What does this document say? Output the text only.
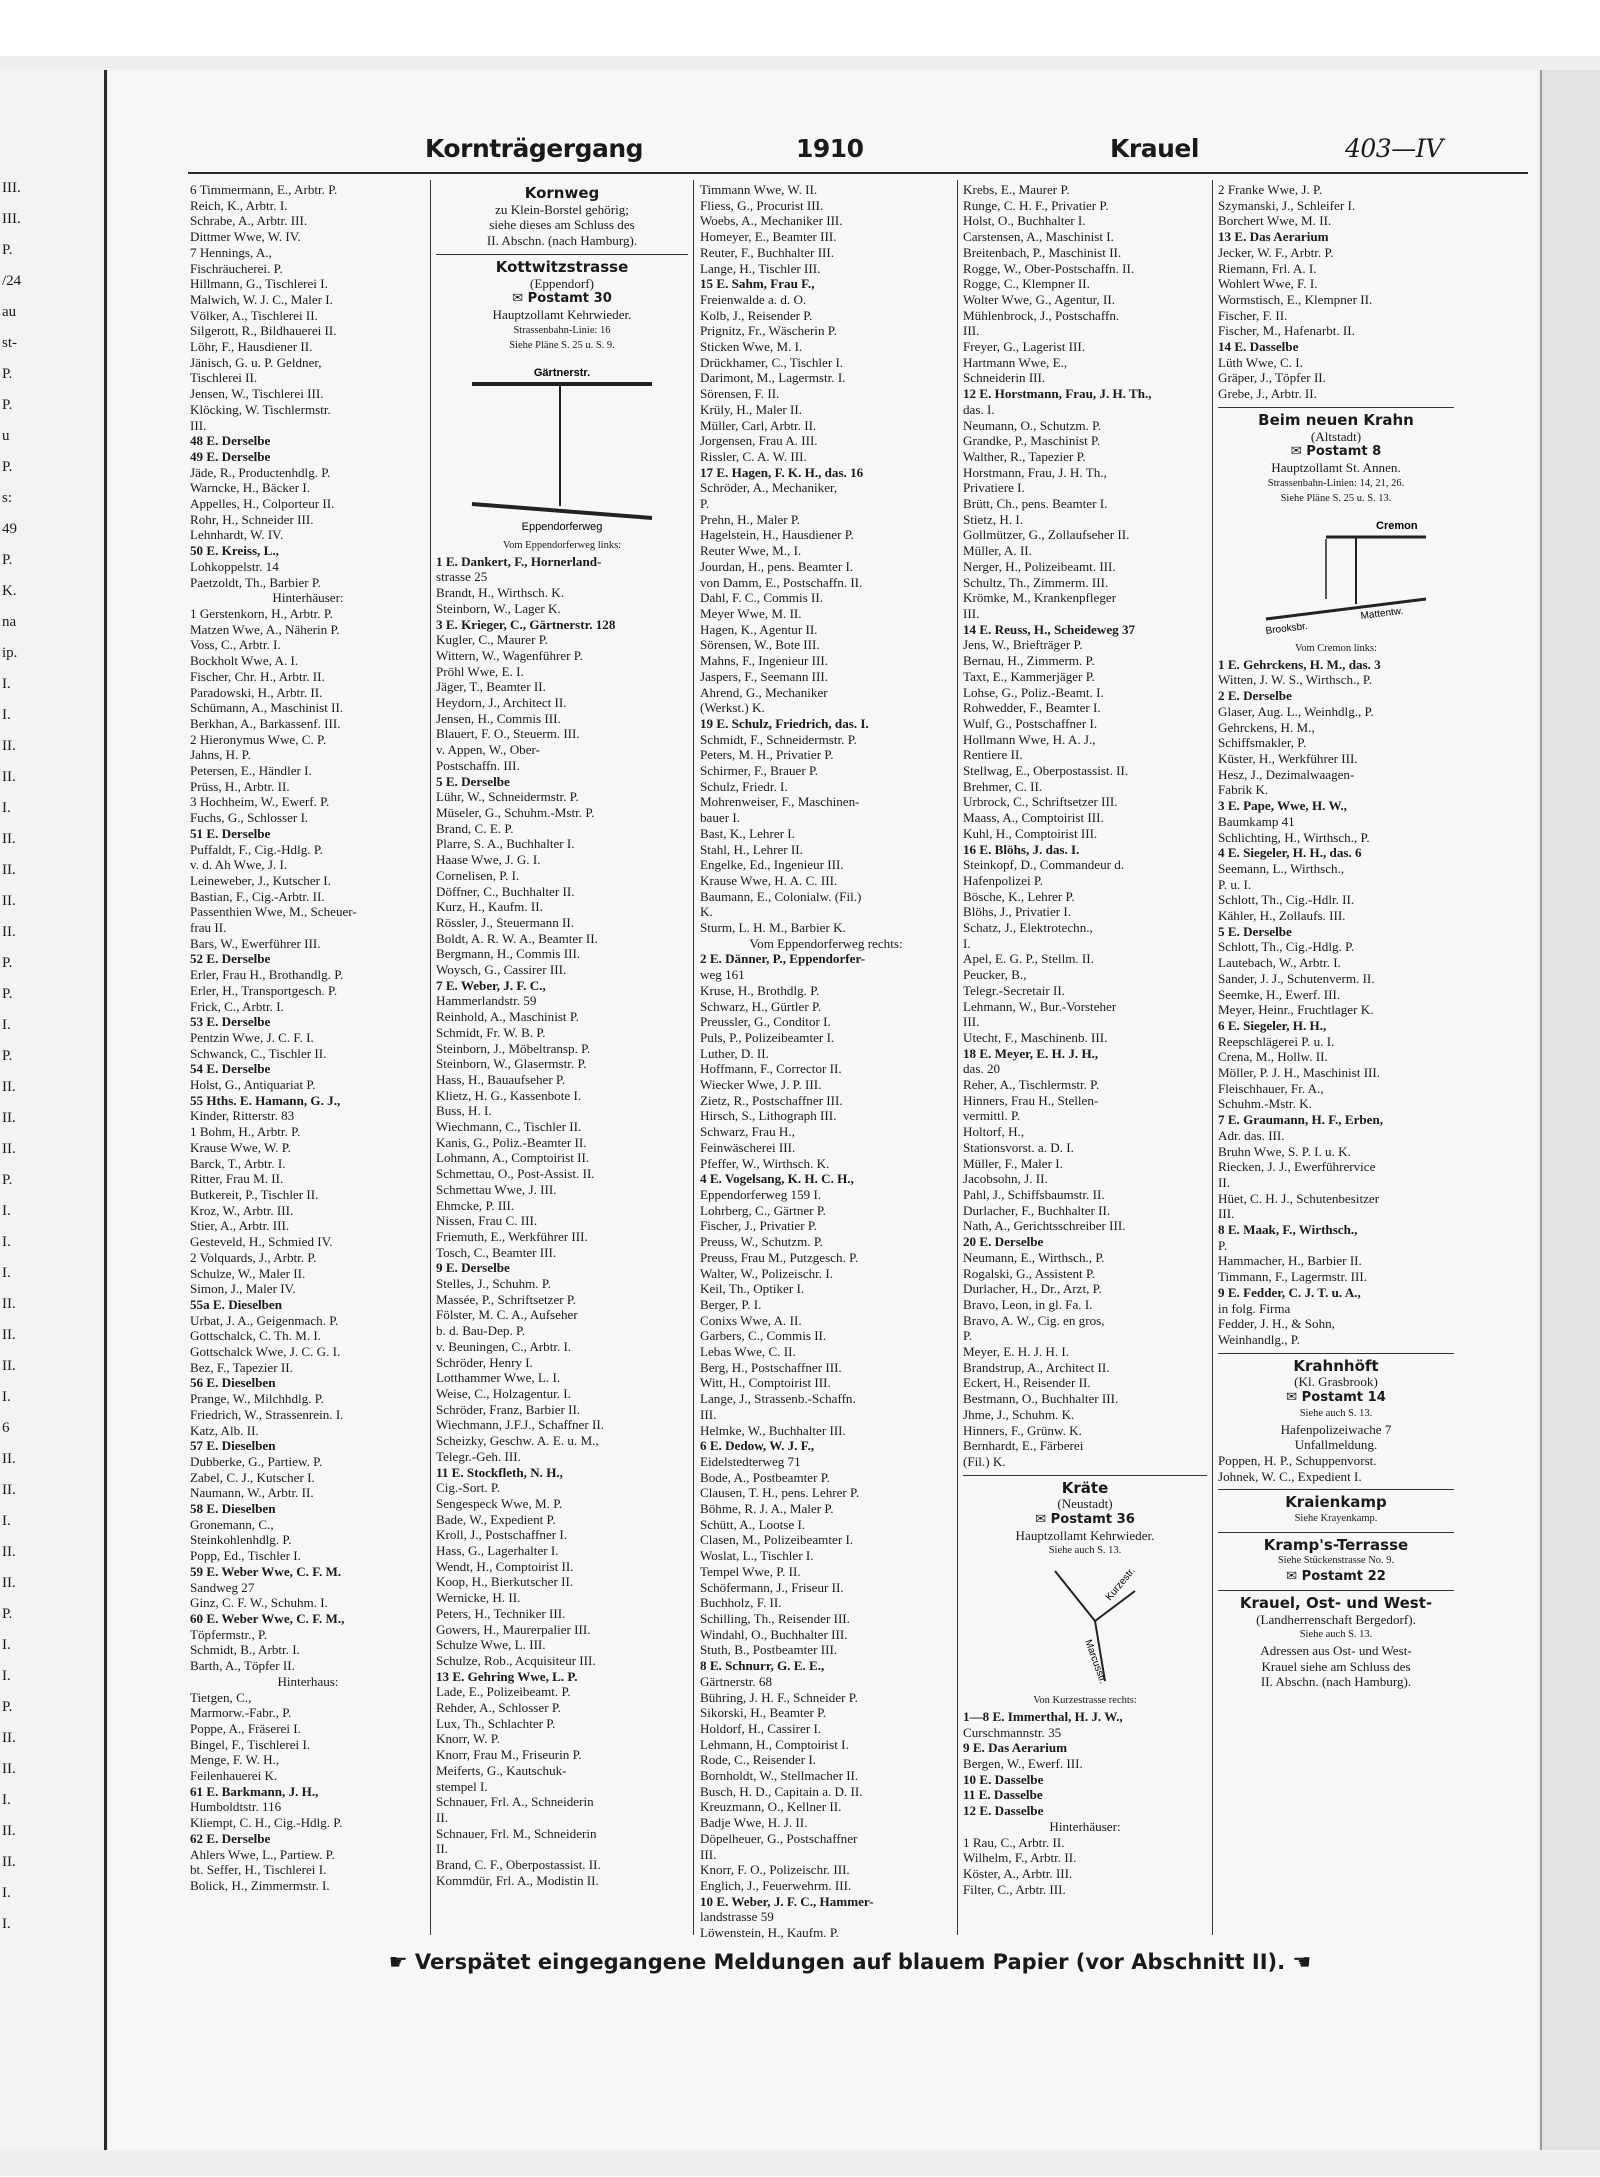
III.
III.
P.
/24
au
st-
P.
P.
u
P.
s:
49
P.
K.
na
ip.
I.
I.
II.
II.
I.
II.
II.
II.
II.
P.
P.
I.
P.
II.
II.
II.
P.
I.
I.
I.
II.
II.
II.
I.
6
II.
II.
I.
II.
II.
P.
I.
I.
P.
II.
II.
I.
II.
II.
I.
I.
Kornträgergang	1910	Krauel	403—IV
6 Timmermann, E., Arbtr. P.
Reich, K., Arbtr. I.
Schrabe, A., Arbtr. III.
Dittmer Wwe, W. IV.
7 Hennings, A.,
Fischräucherei. P.
Hillmann, G., Tischlerei I.
Malwich, W. J. C., Maler I.
Völker, A., Tischlerei II.
Silgerott, R., Bildhauerei II.
Löhr, F., Hausdiener II.
Jänisch, G. u. P. Geldner,
Tischlerei II.
Jensen, W., Tischlerei III.
Klöcking, W. Tischlermstr.
III.
48 E. Derselbe
49 E. Derselbe
Jäde, R., Productenhdlg. P.
Warncke, H., Bäcker I.
Appelles, H., Colporteur II.
Rohr, H., Schneider III.
Lehnhardt, W. IV.
50 E. Kreiss, L.,
Lohkoppelstr. 14
Paetzoldt, Th., Barbier P.
Hinterhäuser:
1 Gerstenkorn, H., Arbtr. P.
Matzen Wwe, A., Näherin P.
Voss, C., Arbtr. I.
Bockholt Wwe, A. I.
Fischer, Chr. H., Arbtr. II.
Paradowski, H., Arbtr. II.
Schümann, A., Maschinist II.
Berkhan, A., Barkassenf. III.
2 Hieronymus Wwe, C. P.
Jahns, H. P.
Petersen, E., Händler I.
Prüss, H., Arbtr. II.
3 Hochheim, W., Ewerf. P.
Fuchs, G., Schlosser I.
51 E. Derselbe
Puffaldt, F., Cig.-Hdlg. P.
v. d. Ah Wwe, J. I.
Leineweber, J., Kutscher I.
Bastian, F., Cig.-Arbtr. II.
Passenthien Wwe, M., Scheuer-
frau II.
Bars, W., Ewerführer III.
52 E. Derselbe
Erler, Frau H., Brothandlg. P.
Erler, H., Transportgesch. P.
Frick, C., Arbtr. I.
53 E. Derselbe
Pentzin Wwe, J. C. F. I.
Schwanck, C., Tischler II.
54 E. Derselbe
Holst, G., Antiquariat P.
55 Hths. E. Hamann, G. J.,
Kinder, Ritterstr. 83
1 Bohm, H., Arbtr. P.
Krause Wwe, W. P.
Barck, T., Arbtr. I.
Ritter, Frau M. II.
Butkereit, P., Tischler II.
Kroz, W., Arbtr. III.
Stier, A., Arbtr. III.
Gesteveld, H., Schmied IV.
2 Volquards, J., Arbtr. P.
Schulze, W., Maler II.
Simon, J., Maler IV.
55a E. Dieselben
Urbat, J. A., Geigenmach. P.
Gottschalck, C. Th. M. I.
Gottschalck Wwe, J. C. G. I.
Bez, F., Tapezier II.
56 E. Dieselben
Prange, W., Milchhdlg. P.
Friedrich, W., Strassenrein. I.
Katz, Alb. II.
57 E. Dieselben
Dubberke, G., Partiew. P.
Zabel, C. J., Kutscher I.
Naumann, W., Arbtr. II.
58 E. Dieselben
Gronemann, C.,
Steinkohlenhdlg. P.
Popp, Ed., Tischler I.
59 E. Weber Wwe, C. F. M.
Sandweg 27
Ginz, C. F. W., Schuhm. I.
60 E. Weber Wwe, C. F. M.,
Töpfermstr., P.
Schmidt, B., Arbtr. I.
Barth, A., Töpfer II.
Hinterhaus:
Tietgen, C.,
Marmorw.-Fabr., P.
Poppe, A., Fräserei I.
Bingel, F., Tischlerei I.
Menge, F. W. H.,
Feilenhauerei K.
61 E. Barkmann, J. H.,
Humboldtstr. 116
Kliempt, C. H., Cig.-Hdlg. P.
62 E. Derselbe
Ahlers Wwe, L., Partiew. P.
bt. Seffer, H., Tischlerei I.
Bolick, H., Zimmermstr. I.
Kornweg
zu Klein-Borstel gehörig;
siehe dieses am Schluss des
II. Abschn. (nach Hamburg).
Kottwitzstrasse
(Eppendorf)
✉ Postamt 30
Hauptzollamt Kehrwieder.
Strassenbahn-Linie: 16
Siehe Pläne S. 25 u. S. 9.
Gärtnerstr.
Eppendorferweg
Vom Eppendorferweg links:
1 E. Dankert, F., Hornerland-
strasse 25
Brandt, H., Wirthsch. K.
Steinborn, W., Lager K.
3 E. Krieger, C., Gärtnerstr. 128
Kugler, C., Maurer P.
Wittern, W., Wagenführer P.
Pröhl Wwe, E. I.
Jäger, T., Beamter II.
Heydorn, J., Architect II.
Jensen, H., Commis III.
Blauert, F. O., Steuerm. III.
v. Appen, W., Ober-
Postschaffn. III.
5 E. Derselbe
Lühr, W., Schneidermstr. P.
Müseler, G., Schuhm.-Mstr. P.
Brand, C. E. P.
Plarre, S. A., Buchhalter I.
Haase Wwe, J. G. I.
Cornelisen, P. I.
Döffner, C., Buchhalter II.
Kurz, H., Kaufm. II.
Rössler, J., Steuermann II.
Boldt, A. R. W. A., Beamter II.
Bergmann, H., Commis III.
Woysch, G., Cassirer III.
7 E. Weber, J. F. C.,
Hammerlandstr. 59
Reinhold, A., Maschinist P.
Schmidt, Fr. W. B. P.
Steinborn, J., Möbeltransp. P.
Steinborn, W., Glasermstr. P.
Hass, H., Bauaufseher P.
Klietz, H. G., Kassenbote I.
Buss, H. I.
Wiechmann, C., Tischler II.
Kanis, G., Poliz.-Beamter II.
Lohmann, A., Comptoirist II.
Schmettau, O., Post-Assist. II.
Schmettau Wwe, J. III.
Ehmcke, P. III.
Nissen, Frau C. III.
Friemuth, E., Werkführer III.
Tosch, C., Beamter III.
9 E. Derselbe
Stelles, J., Schuhm. P.
Massée, P., Schriftsetzer P.
Fölster, M. C. A., Aufseher
b. d. Bau-Dep. P.
v. Beuningen, C., Arbtr. I.
Schröder, Henry I.
Lotthammer Wwe, L. I.
Weise, C., Holzagentur. I.
Schröder, Franz, Barbier II.
Wiechmann, J.F.J., Schaffner II.
Scheizky, Geschw. A. E. u. M.,
Telegr.-Geh. III.
11 E. Stockfleth, N. H.,
Cig.-Sort. P.
Sengespeck Wwe, M. P.
Bade, W., Expedient P.
Kroll, J., Postschaffner I.
Hass, G., Lagerhalter I.
Wendt, H., Comptoirist II.
Koop, H., Bierkutscher II.
Wernicke, H. II.
Peters, H., Techniker III.
Gowers, H., Maurerpalier III.
Schulze Wwe, L. III.
Schulze, Rob., Acquisiteur III.
13 E. Gehring Wwe, L. P.
Lade, E., Polizeibeamt. P.
Rehder, A., Schlosser P.
Lux, Th., Schlachter P.
Knorr, W. P.
Knorr, Frau M., Friseurin P.
Meiferts, G., Kautschuk-
stempel I.
Schnauer, Frl. A., Schneiderin
II.
Schnauer, Frl. M., Schneiderin
II.
Brand, C. F., Oberpostassist. II.
Kommdür, Frl. A., Modistin II.
Timmann Wwe, W. II.
Fliess, G., Procurist III.
Woebs, A., Mechaniker III.
Homeyer, E., Beamter III.
Reuter, F., Buchhalter III.
Lange, H., Tischler III.
15 E. Sahm, Frau F.,
Freienwalde a. d. O.
Kolb, J., Reisender P.
Prignitz, Fr., Wäscherin P.
Sticken Wwe, M. I.
Drückhamer, C., Tischler I.
Darimont, M., Lagermstr. I.
Sörensen, F. II.
Krüly, H., Maler II.
Müller, Carl, Arbtr. II.
Jorgensen, Frau A. III.
Rissler, C. A. W. III.
17 E. Hagen, F. K. H., das. 16
Schröder, A., Mechaniker,
P.
Prehn, H., Maler P.
Hagelstein, H., Hausdiener P.
Reuter Wwe, M., I.
Jourdan, H., pens. Beamter I.
von Damm, E., Postschaffn. II.
Dahl, F. C., Commis II.
Meyer Wwe, M. II.
Hagen, K., Agentur II.
Sörensen, W., Bote III.
Mahns, F., Ingenieur III.
Jaspers, F., Seemann III.
Ahrend, G., Mechaniker
(Werkst.) K.
19 E. Schulz, Friedrich, das. I.
Schmidt, F., Schneidermstr. P.
Peters, M. H., Privatier P.
Schirmer, F., Brauer P.
Schulz, Friedr. I.
Mohrenweiser, F., Maschinen-
bauer I.
Bast, K., Lehrer I.
Stahl, H., Lehrer II.
Engelke, Ed., Ingenieur III.
Krause Wwe, H. A. C. III.
Baumann, E., Colonialw. (Fil.)
K.
Sturm, L. H. M., Barbier K.
Vom Eppendorferweg rechts:
2 E. Dänner, P., Eppendorfer-
weg 161
Kruse, H., Brothdlg. P.
Schwarz, H., Gürtler P.
Preussler, G., Conditor I.
Puls, P., Polizeibeamter I.
Luther, D. II.
Hoffmann, F., Corrector II.
Wiecker Wwe, J. P. III.
Zietz, R., Postschaffner III.
Hirsch, S., Lithograph III.
Schwarz, Frau H.,
Feinwäscherei III.
Pfeffer, W., Wirthsch. K.
4 E. Vogelsang, K. H. C. H.,
Eppendorferweg 159 I.
Lohrberg, C., Gärtner P.
Fischer, J., Privatier P.
Preuss, W., Schutzm. P.
Preuss, Frau M., Putzgesch. P.
Walter, W., Polizeischr. I.
Keil, Th., Optiker I.
Berger, P. I.
Conixs Wwe, A. II.
Garbers, C., Commis II.
Lebas Wwe, C. II.
Berg, H., Postschaffner III.
Witt, H., Comptoirist III.
Lange, J., Strassenb.-Schaffn.
III.
Helmke, W., Buchhalter III.
6 E. Dedow, W. J. F.,
Eidelstedterweg 71
Bode, A., Postbeamter P.
Clausen, T. H., pens. Lehrer P.
Böhme, R. J. A., Maler P.
Schütt, A., Lootse I.
Clasen, M., Polizeibeamter I.
Woslat, L., Tischler I.
Tempel Wwe, P. II.
Schöfermann, J., Friseur II.
Buchholz, F. II.
Schilling, Th., Reisender III.
Windahl, O., Buchhalter III.
Stuth, B., Postbeamter III.
8 E. Schnurr, G. E. E.,
Gärtnerstr. 68
Bühring, J. H. F., Schneider P.
Sikorski, H., Beamter P.
Holdorf, H., Cassirer I.
Lehmann, H., Comptoirist I.
Rode, C., Reisender I.
Bornholdt, W., Stellmacher II.
Busch, H. D., Capitain a. D. II.
Kreuzmann, O., Kellner II.
Badje Wwe, H. J. II.
Döpelheuer, G., Postschaffner
III.
Knorr, F. O., Polizeischr. III.
Englich, J., Feuerwehrm. III.
10 E. Weber, J. F. C., Hammer-
landstrasse 59
Löwenstein, H., Kaufm. P.
Krebs, E., Maurer P.
Runge, C. H. F., Privatier P.
Holst, O., Buchhalter I.
Carstensen, A., Maschinist I.
Breitenbach, P., Maschinist II.
Rogge, W., Ober-Postschaffn. II.
Rogge, C., Klempner II.
Wolter Wwe, G., Agentur, II.
Mühlenbrock, J., Postschaffn.
III.
Freyer, G., Lagerist III.
Hartmann Wwe, E.,
Schneiderin III.
12 E. Horstmann, Frau, J. H. Th.,
das. I.
Neumann, O., Schutzm. P.
Grandke, P., Maschinist P.
Walther, R., Tapezier P.
Horstmann, Frau, J. H. Th.,
Privatiere I.
Brütt, Ch., pens. Beamter I.
Stietz, H. I.
Gollmützer, G., Zollaufseher II.
Müller, A. II.
Nerger, H., Polizeibeamt. III.
Schultz, Th., Zimmerm. III.
Krömke, M., Krankenpfleger
III.
14 E. Reuss, H., Scheideweg 37
Jens, W., Briefträger P.
Bernau, H., Zimmerm. P.
Taxt, E., Kammerjäger P.
Lohse, G., Poliz.-Beamt. I.
Rohwedder, F., Beamter I.
Wulf, G., Postschaffner I.
Hollmann Wwe, H. A. J.,
Rentiere II.
Stellwag, E., Oberpostassist. II.
Brehmer, C. II.
Urbrock, C., Schriftsetzer III.
Maass, A., Comptoirist III.
Kuhl, H., Comptoirist III.
16 E. Blöhs, J. das. I.
Steinkopf, D., Commandeur d.
Hafenpolizei P.
Bösche, K., Lehrer P.
Blöhs, J., Privatier I.
Schatz, J., Elektrotechn.,
I.
Apel, E. G. P., Stellm. II.
Peucker, B.,
Telegr.-Secretair II.
Lehmann, W., Bur.-Vorsteher
III.
Utecht, F., Maschinenb. III.
18 E. Meyer, E. H. J. H.,
das. 20
Reher, A., Tischlermstr. P.
Hinners, Frau H., Stellen-
vermittl. P.
Holtorf, H.,
Stationsvorst. a. D. I.
Müller, F., Maler I.
Jacobsohn, J. II.
Pahl, J., Schiffsbaumstr. II.
Durlacher, F., Buchhalter II.
Nath, A., Gerichtsschreiber III.
20 E. Derselbe
Neumann, E., Wirthsch., P.
Rogalski, G., Assistent P.
Durlacher, H., Dr., Arzt, P.
Bravo, Leon, in gl. Fa. I.
Bravo, A. W., Cig. en gros,
P.
Meyer, E. H. J. H. I.
Brandstrup, A., Architect II.
Eckert, H., Reisender II.
Bestmann, O., Buchhalter III.
Jhme, J., Schuhm. K.
Hinners, F., Grünw. K.
Bernhardt, E., Färberei
(Fil.) K.
Kräte
(Neustadt)
✉ Postamt 36
Hauptzollamt Kehrwieder.
Siehe auch S. 13.
Kurzestr.
Marcusstr.
Von Kurzestrasse rechts:
1—8 E. Immerthal, H. J. W.,
Curschmannstr. 35
9 E. Das Aerarium
Bergen, W., Ewerf. III.
10 E. Dasselbe
11 E. Dasselbe
12 E. Dasselbe
Hinterhäuser:
1 Rau, C., Arbtr. II.
Wilhelm, F., Arbtr. II.
Köster, A., Arbtr. III.
Filter, C., Arbtr. III.
2 Franke Wwe, J. P.
Szymanski, J., Schleifer I.
Borchert Wwe, M. II.
13 E. Das Aerarium
Jecker, W. F., Arbtr. P.
Riemann, Frl. A. I.
Wohlert Wwe, F. I.
Wormstisch, E., Klempner II.
Fischer, F. II.
Fischer, M., Hafenarbt. II.
14 E. Dasselbe
Lüth Wwe, C. I.
Gräper, J., Töpfer II.
Grebe, J., Arbtr. II.
Beim neuen Krahn
(Altstadt)
✉ Postamt 8
Hauptzollamt St. Annen.
Strassenbahn-Linien: 14, 21, 26.
Siehe Pläne S. 25 u. S. 13.
Cremon
Brooksbr.
Mattentw.
Vom Cremon links:
1 E. Gehrckens, H. M., das. 3
Witten, J. W. S., Wirthsch., P.
2 E. Derselbe
Glaser, Aug. L., Weinhdlg., P.
Gehrckens, H. M.,
Schiffsmakler, P.
Küster, H., Werkführer III.
Hesz, J., Dezimalwaagen-
Fabrik K.
3 E. Pape, Wwe, H. W.,
Baumkamp 41
Schlichting, H., Wirthsch., P.
4 E. Siegeler, H. H., das. 6
Seemann, L., Wirthsch.,
P. u. I.
Schlott, Th., Cig.-Hdlr. II.
Kähler, H., Zollaufs. III.
5 E. Derselbe
Schlott, Th., Cig.-Hdlg. P.
Lautebach, W., Arbtr. I.
Sander, J. J., Schutenverm. II.
Seemke, H., Ewerf. III.
Meyer, Heinr., Fruchtlager K.
6 E. Siegeler, H. H.,
Reepschlägerei P. u. I.
Crena, M., Hollw. II.
Möller, P. J. H., Maschinist III.
Fleischhauer, Fr. A.,
Schuhm.-Mstr. K.
7 E. Graumann, H. F., Erben,
Adr. das. III.
Bruhn Wwe, S. P. I. u. K.
Riecken, J. J., Ewerführervice
II.
Hüet, C. H. J., Schutenbesitzer
III.
8 E. Maak, F., Wirthsch.,
P.
Hammacher, H., Barbier II.
Timmann, F., Lagermstr. III.
9 E. Fedder, C. J. T. u. A.,
in folg. Firma
Fedder, J. H., & Sohn,
Weinhandlg., P.
Krahnhöft
(Kl. Grasbrook)
✉ Postamt 14
Siehe auch S. 13.
Hafenpolizeiwache 7
Unfallmeldung.
Poppen, H. P., Schuppenvorst.
Johnek, W. C., Expedient I.
Kraienkamp
Siehe Krayenkamp.
Kramp's-Terrasse
Siehe Stückenstrasse No. 9.
✉ Postamt 22
Krauel, Ost- und West-
(Landherrenschaft Bergedorf).
Siehe auch S. 13.
Adressen aus Ost- und West-
Krauel siehe am Schluss des
II. Abschn. (nach Hamburg).
☛ Verspätet eingegangene Meldungen auf blauem Papier (vor Abschnitt II). ☚
